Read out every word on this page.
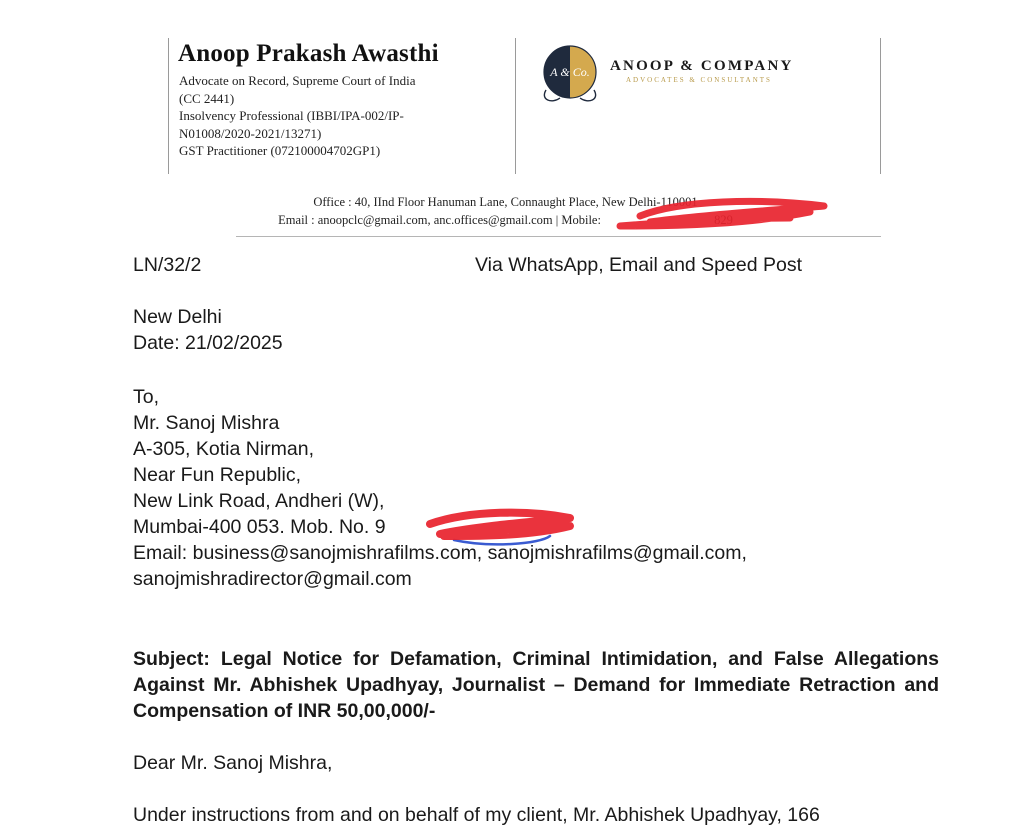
Anoop Prakash Awasthi
Advocate on Record, Supreme Court of India
(CC 2441)
Insolvency Professional (IBBI/IPA-002/IP-
N01008/2020-2021/13271)
GST Practitioner (072100004702GP1)
A & Co. ANOOP & COMPANY
ADVOCATES & CONSULTANTS
Office : 40, IInd Floor Hanuman Lane, Connaught Place, New Delhi-110001
Email : anoopclc@gmail.com, anc.offices@gmail.com | Mobile:	829
LN/32/2	Via WhatsApp, Email and Speed Post
New Delhi
Date: 21/02/2025
To,
Mr. Sanoj Mishra
A-305, Kotia Nirman,
Near Fun Republic,
New Link Road, Andheri (W),
Mumbai-400 053. Mob. No. 9
Email: business@sanojmishrafilms.com, sanojmishrafilms@gmail.com,
sanojmishradirector@gmail.com
Subject: Legal Notice for Defamation, Criminal Intimidation, and False Allegations Against Mr. Abhishek Upadhyay, Journalist – Demand for Immediate Retraction and Compensation of INR 50,00,000/-
Dear Mr. Sanoj Mishra,
Under instructions from and on behalf of my client, Mr. Abhishek Upadhyay, 166
